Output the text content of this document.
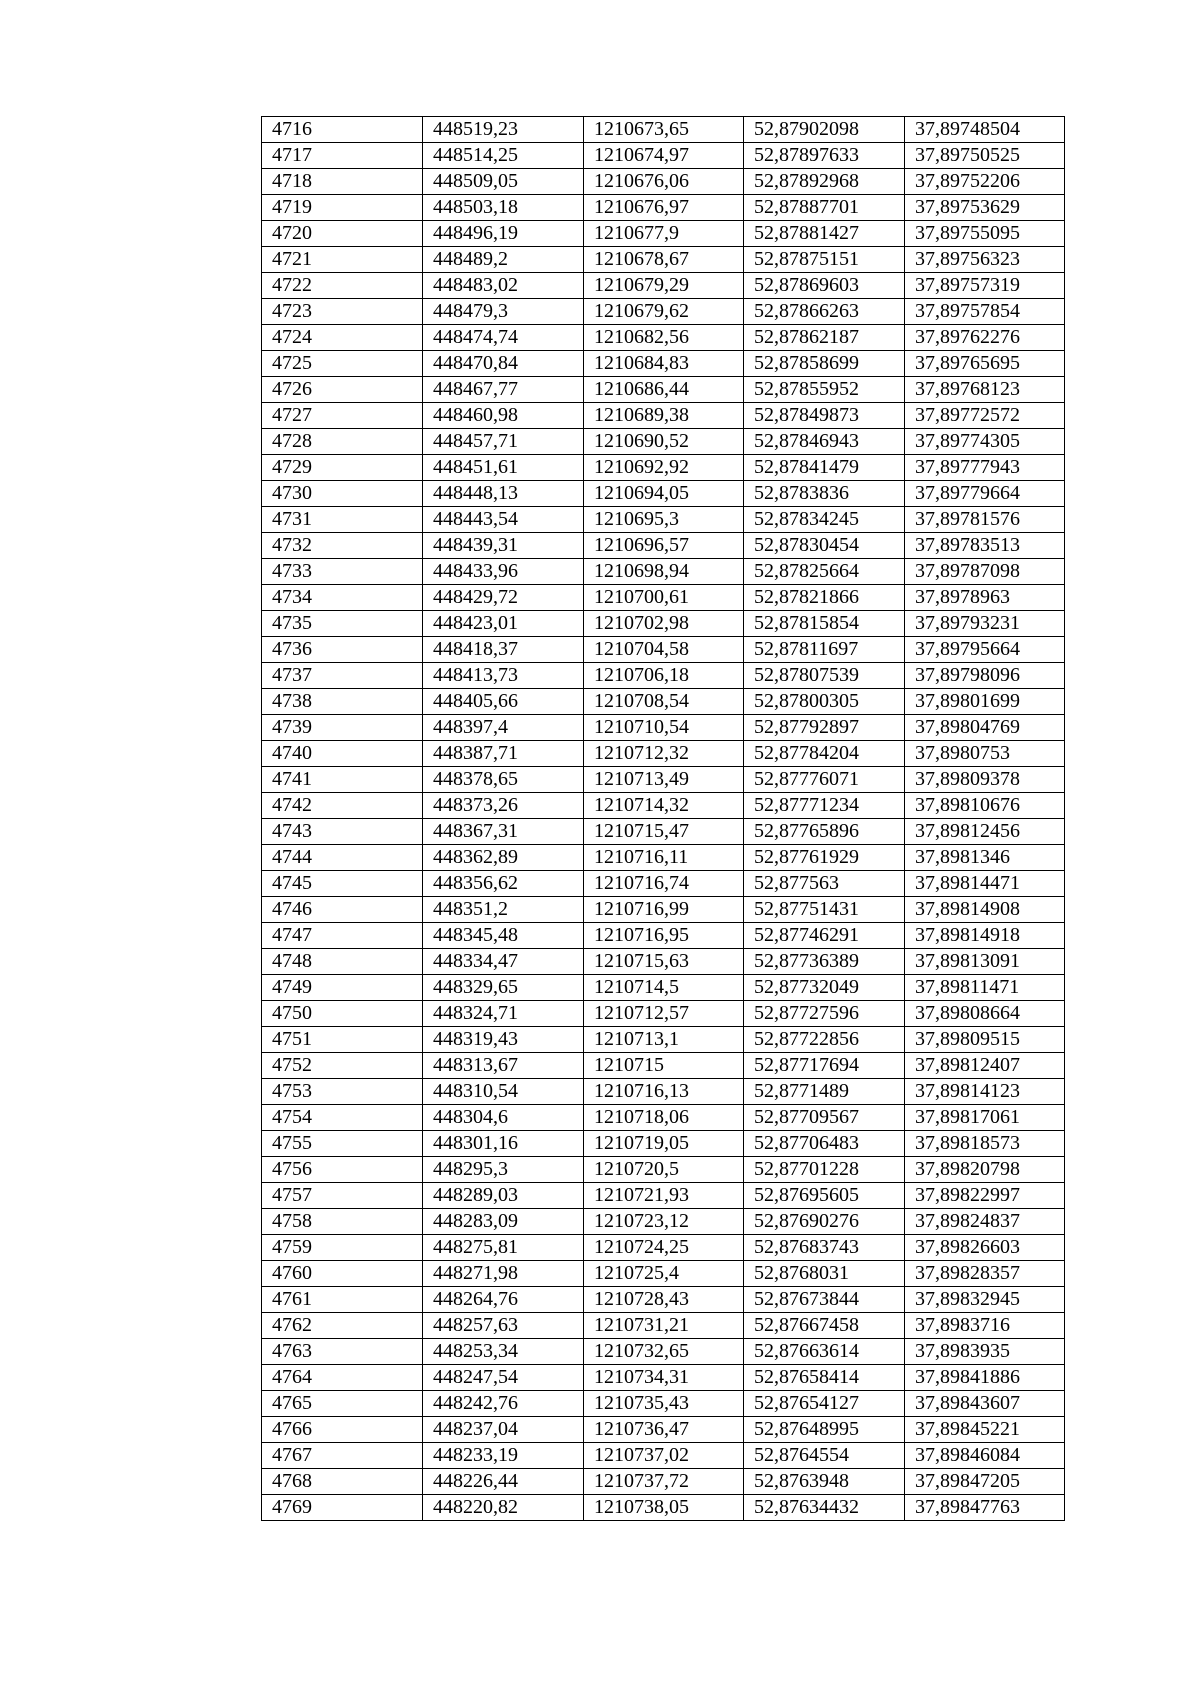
4716	448519,23	1210673,65	52,87902098	37,89748504
4717	448514,25	1210674,97	52,87897633	37,89750525
4718	448509,05	1210676,06	52,87892968	37,89752206
4719	448503,18	1210676,97	52,87887701	37,89753629
4720	448496,19	1210677,9	52,87881427	37,89755095
4721	448489,2	1210678,67	52,87875151	37,89756323
4722	448483,02	1210679,29	52,87869603	37,89757319
4723	448479,3	1210679,62	52,87866263	37,89757854
4724	448474,74	1210682,56	52,87862187	37,89762276
4725	448470,84	1210684,83	52,87858699	37,89765695
4726	448467,77	1210686,44	52,87855952	37,89768123
4727	448460,98	1210689,38	52,87849873	37,89772572
4728	448457,71	1210690,52	52,87846943	37,89774305
4729	448451,61	1210692,92	52,87841479	37,89777943
4730	448448,13	1210694,05	52,8783836	37,89779664
4731	448443,54	1210695,3	52,87834245	37,89781576
4732	448439,31	1210696,57	52,87830454	37,89783513
4733	448433,96	1210698,94	52,87825664	37,89787098
4734	448429,72	1210700,61	52,87821866	37,8978963
4735	448423,01	1210702,98	52,87815854	37,89793231
4736	448418,37	1210704,58	52,87811697	37,89795664
4737	448413,73	1210706,18	52,87807539	37,89798096
4738	448405,66	1210708,54	52,87800305	37,89801699
4739	448397,4	1210710,54	52,87792897	37,89804769
4740	448387,71	1210712,32	52,87784204	37,8980753
4741	448378,65	1210713,49	52,87776071	37,89809378
4742	448373,26	1210714,32	52,87771234	37,89810676
4743	448367,31	1210715,47	52,87765896	37,89812456
4744	448362,89	1210716,11	52,87761929	37,8981346
4745	448356,62	1210716,74	52,877563	37,89814471
4746	448351,2	1210716,99	52,87751431	37,89814908
4747	448345,48	1210716,95	52,87746291	37,89814918
4748	448334,47	1210715,63	52,87736389	37,89813091
4749	448329,65	1210714,5	52,87732049	37,89811471
4750	448324,71	1210712,57	52,87727596	37,89808664
4751	448319,43	1210713,1	52,87722856	37,89809515
4752	448313,67	1210715	52,87717694	37,89812407
4753	448310,54	1210716,13	52,8771489	37,89814123
4754	448304,6	1210718,06	52,87709567	37,89817061
4755	448301,16	1210719,05	52,87706483	37,89818573
4756	448295,3	1210720,5	52,87701228	37,89820798
4757	448289,03	1210721,93	52,87695605	37,89822997
4758	448283,09	1210723,12	52,87690276	37,89824837
4759	448275,81	1210724,25	52,87683743	37,89826603
4760	448271,98	1210725,4	52,8768031	37,89828357
4761	448264,76	1210728,43	52,87673844	37,89832945
4762	448257,63	1210731,21	52,87667458	37,8983716
4763	448253,34	1210732,65	52,87663614	37,8983935
4764	448247,54	1210734,31	52,87658414	37,89841886
4765	448242,76	1210735,43	52,87654127	37,89843607
4766	448237,04	1210736,47	52,87648995	37,89845221
4767	448233,19	1210737,02	52,8764554	37,89846084
4768	448226,44	1210737,72	52,8763948	37,89847205
4769	448220,82	1210738,05	52,87634432	37,89847763
